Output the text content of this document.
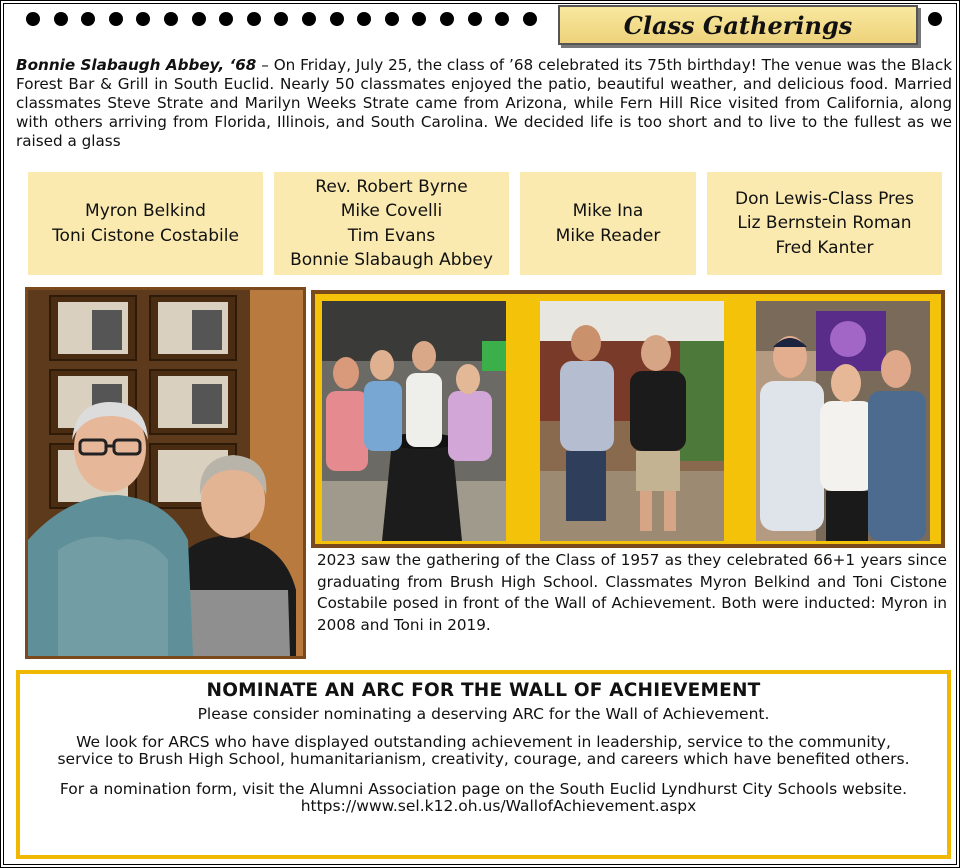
Class Gatherings

Bonnie Slabaugh Abbey, ‘68 – On Friday, July 25, the class of ’68 celebrated its 75th birthday! The venue was the Black Forest Bar & Grill in South Euclid. Nearly 50 classmates enjoyed the patio, beautiful weather, and delicious food. Married classmates Steve Strate and Marilyn Weeks Strate came from Arizona, while Fern Hill Rice visited from California, along with others arriving from Florida, Illinois, and South Carolina. We decided life is too short and to live to the fullest as we raised a glass

Myron Belkind
Toni Cistone Costabile
Rev. Robert Byrne
Mike Covelli
Tim Evans
Bonnie Slabaugh Abbey
Mike Ina
Mike Reader
Don Lewis-Class Pres
Liz Bernstein Roman
Fred Kanter

2023 saw the gathering of the Class of 1957 as they celebrated 66+1 years since graduating from Brush High School. Classmates Myron Belkind and Toni Cistone Costabile posed in front of the Wall of Achievement. Both were inducted: Myron in 2008 and Toni in 2019.

NOMINATE AN ARC FOR THE WALL OF ACHIEVEMENT
Please consider nominating a deserving ARC for the Wall of Achievement.
We look for ARCS who have displayed outstanding achievement in leadership, service to the community, service to Brush High School, humanitarianism, creativity, courage, and careers which have benefited others.
For a nomination form, visit the Alumni Association page on the South Euclid Lyndhurst City Schools website.https://www.sel.k12.oh.us/WallofAchievement.aspx
